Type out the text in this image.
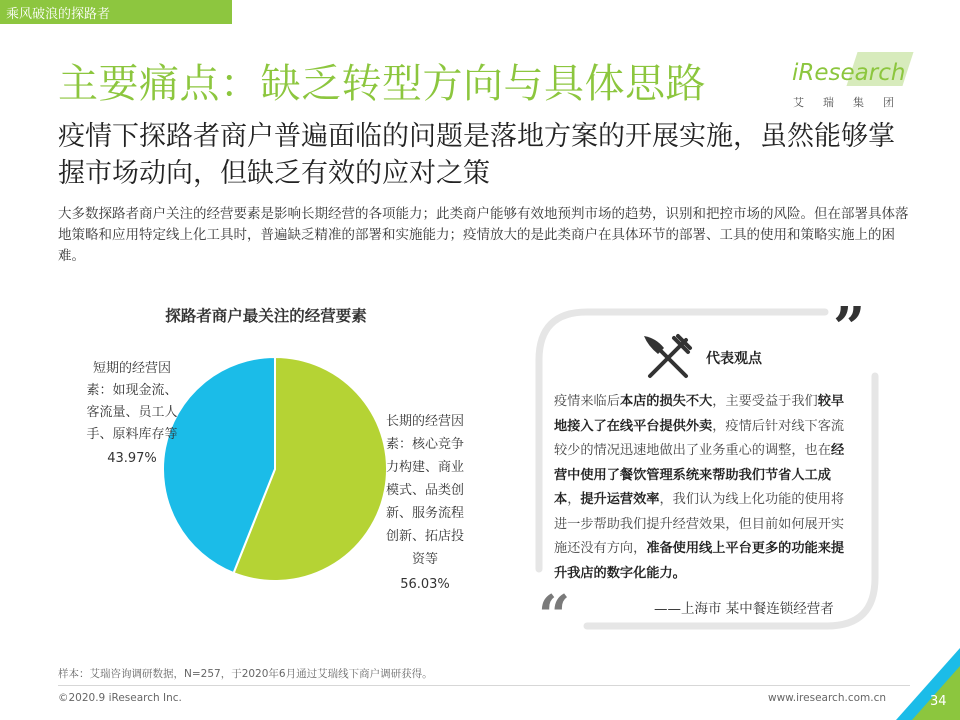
乘风破浪的探路者
主要痛点：缺乏转型方向与具体思路	iResearch
艾瑞集团
疫情下探路者商户普遍面临的问题是落地方案的开展实施，虽然能够掌握市场动向，但缺乏有效的应对之策
大多数探路者商户关注的经营要素是影响长期经营的各项能力；此类商户能够有效地预判市场的趋势，识别和把控市场的风险。但在部署具体落地策略和应用特定线上化工具时，普遍缺乏精准的部署和实施能力；疫情放大的是此类商户在具体环节的部署、工具的使用和策略实施上的困难。
探路者商户最关注的经营要素
短期的经营因素：如现金流、客流量、员工人手、原料库存等
43.97%
长期的经营因素：核心竞争力构建、商业模式、品类创新、服务流程创新、拓店投资等
56.03%
”
“
代表观点
疫情来临后本店的损失不大，主要受益于我们较早地接入了在线平台提供外卖，疫情后针对线下客流较少的情况迅速地做出了业务重心的调整，也在经营中使用了餐饮管理系统来帮助我们节省人工成本，提升运营效率，我们认为线上化功能的使用将进一步帮助我们提升经营效果，但目前如何展开实施还没有方向，准备使用线上平台更多的功能来提升我店的数字化能力。
——上海市 某中餐连锁经营者
样本：艾瑞咨询调研数据，N=257，于2020年6月通过艾瑞线下商户调研获得。
©2020.9 iResearch Inc.	www.iresearch.com.cn	34
